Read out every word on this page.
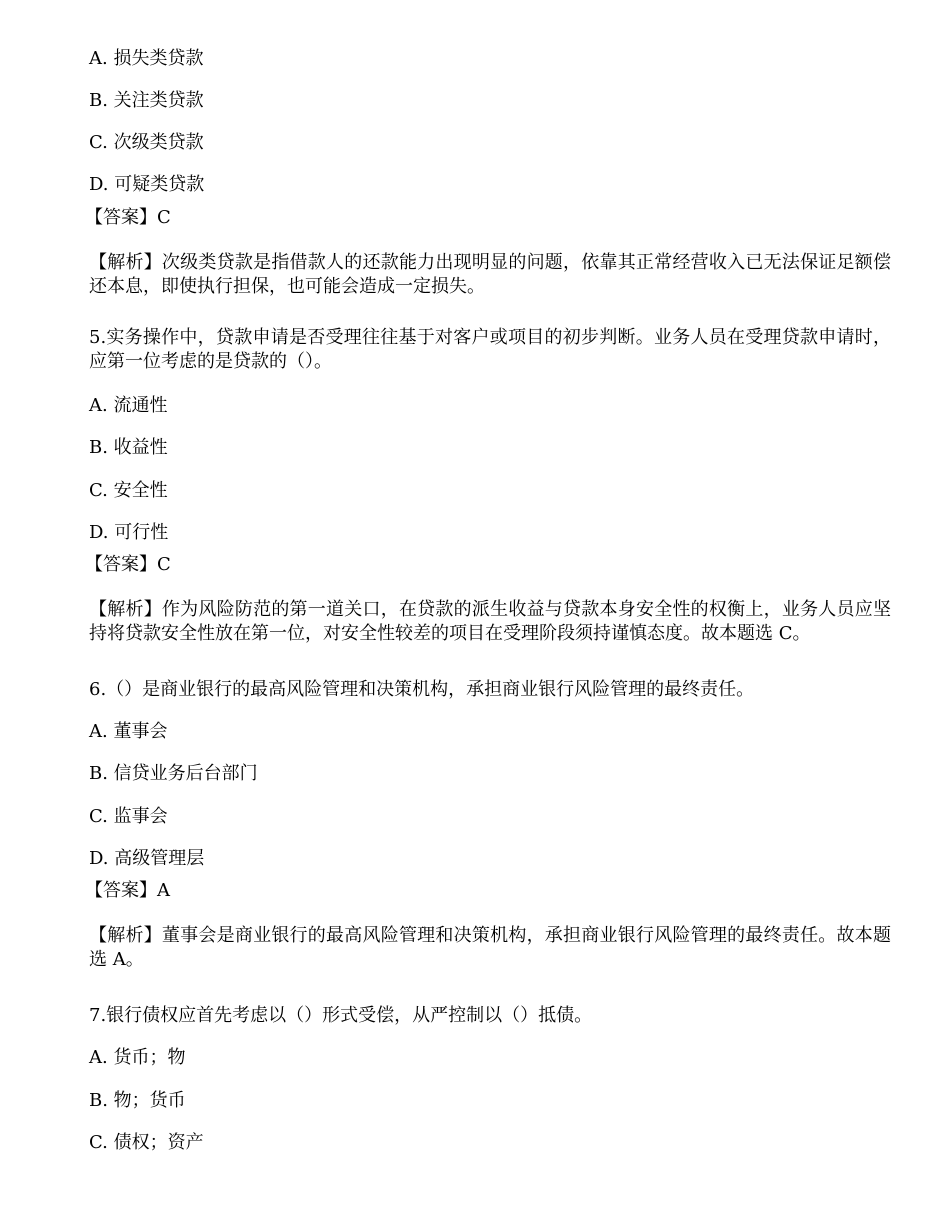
A. 损失类贷款
B. 关注类贷款
C. 次级类贷款
D. 可疑类贷款
【答案】C
【解析】次级类贷款是指借款人的还款能力出现明显的问题，依靠其正常经营收入已无法保证足额偿还本息，即使执行担保，也可能会造成一定损失。
5.实务操作中，贷款申请是否受理往往基于对客户或项目的初步判断。业务人员在受理贷款申请时，应第一位考虑的是贷款的（）。
A. 流通性
B. 收益性
C. 安全性
D. 可行性
【答案】C
【解析】作为风险防范的第一道关口，在贷款的派生收益与贷款本身安全性的权衡上，业务人员应坚持将贷款安全性放在第一位，对安全性较差的项目在受理阶段须持谨慎态度。故本题选 C。
6.（）是商业银行的最高风险管理和决策机构，承担商业银行风险管理的最终责任。
A. 董事会
B. 信贷业务后台部门
C. 监事会
D. 高级管理层
【答案】A
【解析】董事会是商业银行的最高风险管理和决策机构，承担商业银行风险管理的最终责任。故本题选 A。
7.银行债权应首先考虑以（）形式受偿，从严控制以（）抵债。
A. 货币；物
B. 物；货币
C. 债权；资产
